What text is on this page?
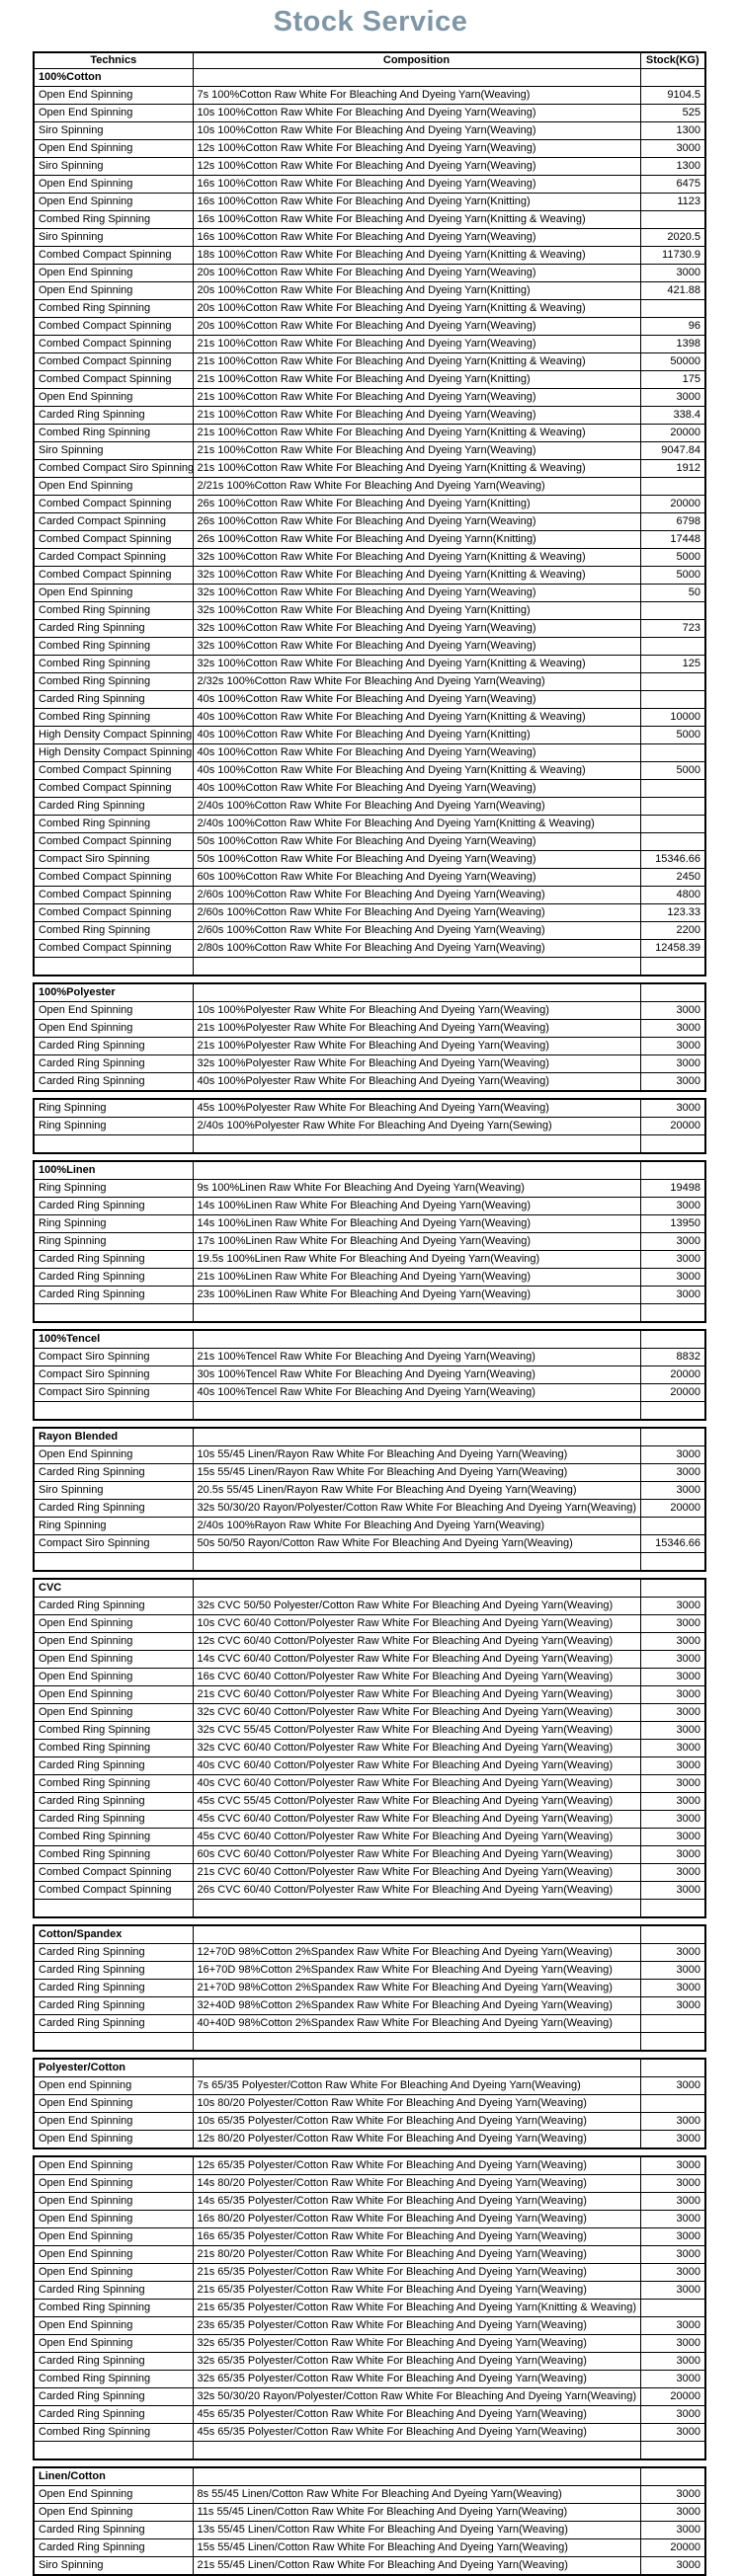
Stock Service
Technics	Composition	Stock(KG)
100%Cotton		
Open End Spinning	7s 100%Cotton Raw White For Bleaching And Dyeing Yarn(Weaving)	9104.5
Open End Spinning	10s 100%Cotton Raw White For Bleaching And Dyeing Yarn(Weaving)	525
Siro Spinning	10s 100%Cotton Raw White For Bleaching And Dyeing Yarn(Weaving)	1300
Open End Spinning	12s 100%Cotton Raw White For Bleaching And Dyeing Yarn(Weaving)	3000
Siro Spinning	12s 100%Cotton Raw White For Bleaching And Dyeing Yarn(Weaving)	1300
Open End Spinning	16s 100%Cotton Raw White For Bleaching And Dyeing Yarn(Weaving)	6475
Open End Spinning	16s 100%Cotton Raw White For Bleaching And Dyeing Yarn(Knitting)	1123
Combed Ring Spinning	16s 100%Cotton Raw White For Bleaching And Dyeing Yarn(Knitting & Weaving)	
Siro Spinning	16s 100%Cotton Raw White For Bleaching And Dyeing Yarn(Weaving)	2020.5
Combed Compact Spinning	18s 100%Cotton Raw White For Bleaching And Dyeing Yarn(Knitting & Weaving)	11730.9
Open End Spinning	20s 100%Cotton Raw White For Bleaching And Dyeing Yarn(Weaving)	3000
Open End Spinning	20s 100%Cotton Raw White For Bleaching And Dyeing Yarn(Knitting)	421.88
Combed Ring Spinning	20s 100%Cotton Raw White For Bleaching And Dyeing Yarn(Knitting & Weaving)	
Combed Compact Spinning	20s 100%Cotton Raw White For Bleaching And Dyeing Yarn(Weaving)	96
Combed Compact Spinning	21s 100%Cotton Raw White For Bleaching And Dyeing Yarn(Weaving)	1398
Combed Compact Spinning	21s 100%Cotton Raw White For Bleaching And Dyeing Yarn(Knitting & Weaving)	50000
Combed Compact Spinning	21s 100%Cotton Raw White For Bleaching And Dyeing Yarn(Knitting)	175
Open End Spinning	21s 100%Cotton Raw White For Bleaching And Dyeing Yarn(Weaving)	3000
Carded Ring Spinning	21s 100%Cotton Raw White For Bleaching And Dyeing Yarn(Weaving)	338.4
Combed Ring Spinning	21s 100%Cotton Raw White For Bleaching And Dyeing Yarn(Knitting & Weaving)	20000
Siro Spinning	21s 100%Cotton Raw White For Bleaching And Dyeing Yarn(Weaving)	9047.84
Combed Compact Siro Spinning	21s 100%Cotton Raw White For Bleaching And Dyeing Yarn(Knitting & Weaving)	1912
Open End Spinning	2/21s 100%Cotton Raw White For Bleaching And Dyeing Yarn(Weaving)	
Combed Compact Spinning	26s 100%Cotton Raw White For Bleaching And Dyeing Yarn(Knitting)	20000
Carded Compact Spinning	26s 100%Cotton Raw White For Bleaching And Dyeing Yarn(Weaving)	6798
Combed Compact Spinning	26s 100%Cotton Raw White For Bleaching And Dyeing Yarnn(Knitting)	17448
Carded Compact Spinning	32s 100%Cotton Raw White For Bleaching And Dyeing Yarn(Knitting & Weaving)	5000
Combed Compact Spinning	32s 100%Cotton Raw White For Bleaching And Dyeing Yarn(Knitting & Weaving)	5000
Open End Spinning	32s 100%Cotton Raw White For Bleaching And Dyeing Yarn(Weaving)	50
Combed Ring Spinning	32s 100%Cotton Raw White For Bleaching And Dyeing Yarn(Knitting)	
Carded Ring Spinning	32s 100%Cotton Raw White For Bleaching And Dyeing Yarn(Weaving)	723
Combed Ring Spinning	32s 100%Cotton Raw White For Bleaching And Dyeing Yarn(Weaving)	
Combed Ring Spinning	32s 100%Cotton Raw White For Bleaching And Dyeing Yarn(Knitting & Weaving)	125
Combed Ring Spinning	2/32s 100%Cotton Raw White For Bleaching And Dyeing Yarn(Weaving)	
Carded Ring Spinning	40s 100%Cotton Raw White For Bleaching And Dyeing Yarn(Weaving)	
Combed Ring Spinning	40s 100%Cotton Raw White For Bleaching And Dyeing Yarn(Knitting & Weaving)	10000
High Density Compact Spinning	40s 100%Cotton Raw White For Bleaching And Dyeing Yarn(Knitting)	5000
High Density Compact Spinning	40s 100%Cotton Raw White For Bleaching And Dyeing Yarn(Weaving)	
Combed Compact Spinning	40s 100%Cotton Raw White For Bleaching And Dyeing Yarn(Knitting & Weaving)	5000
Combed Compact Spinning	40s 100%Cotton Raw White For Bleaching And Dyeing Yarn(Weaving)	
Carded Ring Spinning	2/40s 100%Cotton Raw White For Bleaching And Dyeing Yarn(Weaving)	
Combed Ring Spinning	2/40s 100%Cotton Raw White For Bleaching And Dyeing Yarn(Knitting & Weaving)	
Combed Compact Spinning	50s 100%Cotton Raw White For Bleaching And Dyeing Yarn(Weaving)	
Compact Siro Spinning	50s 100%Cotton Raw White For Bleaching And Dyeing Yarn(Weaving)	15346.66
Combed Compact Spinning	60s 100%Cotton Raw White For Bleaching And Dyeing Yarn(Weaving)	2450
Combed Compact Spinning	2/60s 100%Cotton Raw White For Bleaching And Dyeing Yarn(Weaving)	4800
Combed Compact Spinning	2/60s 100%Cotton Raw White For Bleaching And Dyeing Yarn(Weaving)	123.33
Combed Ring Spinning	2/60s 100%Cotton Raw White For Bleaching And Dyeing Yarn(Weaving)	2200
Combed Compact Spinning	2/80s 100%Cotton Raw White For Bleaching And Dyeing Yarn(Weaving)	12458.39

100%Polyester		
Open End Spinning	10s 100%Polyester Raw White For Bleaching And Dyeing Yarn(Weaving)	3000
Open End Spinning	21s 100%Polyester Raw White For Bleaching And Dyeing Yarn(Weaving)	3000
Carded Ring Spinning	21s 100%Polyester Raw White For Bleaching And Dyeing Yarn(Weaving)	3000
Carded Ring Spinning	32s 100%Polyester Raw White For Bleaching And Dyeing Yarn(Weaving)	3000
Carded Ring Spinning	40s 100%Polyester Raw White For Bleaching And Dyeing Yarn(Weaving)	3000
Ring Spinning	45s 100%Polyester Raw White For Bleaching And Dyeing Yarn(Weaving)	3000
Ring Spinning	2/40s 100%Polyester Raw White For Bleaching And Dyeing Yarn(Sewing)	20000

100%Linen		
Ring Spinning	9s 100%Linen Raw White For Bleaching And Dyeing Yarn(Weaving)	19498
Carded Ring Spinning	14s 100%Linen Raw White For Bleaching And Dyeing Yarn(Weaving)	3000
Ring Spinning	14s 100%Linen Raw White For Bleaching And Dyeing Yarn(Weaving)	13950
Ring Spinning	17s 100%Linen Raw White For Bleaching And Dyeing Yarn(Weaving)	3000
Carded Ring Spinning	19.5s 100%Linen Raw White For Bleaching And Dyeing Yarn(Weaving)	3000
Carded Ring Spinning	21s 100%Linen Raw White For Bleaching And Dyeing Yarn(Weaving)	3000
Carded Ring Spinning	23s 100%Linen Raw White For Bleaching And Dyeing Yarn(Weaving)	3000

100%Tencel		
Compact Siro Spinning	21s 100%Tencel Raw White For Bleaching And Dyeing Yarn(Weaving)	8832
Compact Siro Spinning	30s 100%Tencel Raw White For Bleaching And Dyeing Yarn(Weaving)	20000
Compact Siro Spinning	40s 100%Tencel Raw White For Bleaching And Dyeing Yarn(Weaving)	20000

Rayon Blended		
Open End Spinning	10s 55/45 Linen/Rayon Raw White For Bleaching And Dyeing Yarn(Weaving)	3000
Carded Ring Spinning	15s 55/45 Linen/Rayon Raw White For Bleaching And Dyeing Yarn(Weaving)	3000
Siro Spinning	20.5s 55/45 Linen/Rayon Raw White For Bleaching And Dyeing Yarn(Weaving)	3000
Carded Ring Spinning	32s 50/30/20 Rayon/Polyester/Cotton Raw White For Bleaching And Dyeing Yarn(Weaving)	20000
Ring Spinning	2/40s 100%Rayon Raw White For Bleaching And Dyeing Yarn(Weaving)	
Compact Siro Spinning	50s 50/50 Rayon/Cotton Raw White For Bleaching And Dyeing Yarn(Weaving)	15346.66

CVC		
Carded Ring Spinning	32s CVC 50/50 Polyester/Cotton Raw White For Bleaching And Dyeing Yarn(Weaving)	3000
Open End Spinning	10s CVC 60/40 Cotton/Polyester Raw White For Bleaching And Dyeing Yarn(Weaving)	3000
Open End Spinning	12s CVC 60/40 Cotton/Polyester Raw White For Bleaching And Dyeing Yarn(Weaving)	3000
Open End Spinning	14s CVC 60/40 Cotton/Polyester Raw White For Bleaching And Dyeing Yarn(Weaving)	3000
Open End Spinning	16s CVC 60/40 Cotton/Polyester Raw White For Bleaching And Dyeing Yarn(Weaving)	3000
Open End Spinning	21s CVC 60/40 Cotton/Polyester Raw White For Bleaching And Dyeing Yarn(Weaving)	3000
Open End Spinning	32s CVC 60/40 Cotton/Polyester Raw White For Bleaching And Dyeing Yarn(Weaving)	3000
Combed Ring Spinning	32s CVC 55/45 Cotton/Polyester Raw White For Bleaching And Dyeing Yarn(Weaving)	3000
Combed Ring Spinning	32s CVC 60/40 Cotton/Polyester Raw White For Bleaching And Dyeing Yarn(Weaving)	3000
Carded Ring Spinning	40s CVC 60/40 Cotton/Polyester Raw White For Bleaching And Dyeing Yarn(Weaving)	3000
Combed Ring Spinning	40s CVC 60/40 Cotton/Polyester Raw White For Bleaching And Dyeing Yarn(Weaving)	3000
Carded Ring Spinning	45s CVC 55/45 Cotton/Polyester Raw White For Bleaching And Dyeing Yarn(Weaving)	3000
Carded Ring Spinning	45s CVC 60/40 Cotton/Polyester Raw White For Bleaching And Dyeing Yarn(Weaving)	3000
Combed Ring Spinning	45s CVC 60/40 Cotton/Polyester Raw White For Bleaching And Dyeing Yarn(Weaving)	3000
Combed Ring Spinning	60s CVC 60/40 Cotton/Polyester Raw White For Bleaching And Dyeing Yarn(Weaving)	3000
Combed Compact Spinning	21s CVC 60/40 Cotton/Polyester Raw White For Bleaching And Dyeing Yarn(Weaving)	3000
Combed Compact Spinning	26s CVC 60/40 Cotton/Polyester Raw White For Bleaching And Dyeing Yarn(Weaving)	3000

Cotton/Spandex		
Carded Ring Spinning	12+70D 98%Cotton 2%Spandex Raw White For Bleaching And Dyeing Yarn(Weaving)	3000
Carded Ring Spinning	16+70D 98%Cotton 2%Spandex Raw White For Bleaching And Dyeing Yarn(Weaving)	3000
Carded Ring Spinning	21+70D 98%Cotton 2%Spandex Raw White For Bleaching And Dyeing Yarn(Weaving)	3000
Carded Ring Spinning	32+40D 98%Cotton 2%Spandex Raw White For Bleaching And Dyeing Yarn(Weaving)	3000
Carded Ring Spinning	40+40D 98%Cotton 2%Spandex Raw White For Bleaching And Dyeing Yarn(Weaving)	

Polyester/Cotton		
Open end Spinning	7s 65/35 Polyester/Cotton Raw White For Bleaching And Dyeing Yarn(Weaving)	3000
Open End Spinning	10s 80/20 Polyester/Cotton Raw White For Bleaching And Dyeing Yarn(Weaving)	
Open End Spinning	10s 65/35 Polyester/Cotton Raw White For Bleaching And Dyeing Yarn(Weaving)	3000
Open End Spinning	12s 80/20 Polyester/Cotton Raw White For Bleaching And Dyeing Yarn(Weaving)	3000
Open End Spinning	12s 65/35 Polyester/Cotton Raw White For Bleaching And Dyeing Yarn(Weaving)	3000
Open End Spinning	14s 80/20 Polyester/Cotton Raw White For Bleaching And Dyeing Yarn(Weaving)	3000
Open End Spinning	14s 65/35 Polyester/Cotton Raw White For Bleaching And Dyeing Yarn(Weaving)	3000
Open End Spinning	16s 80/20 Polyester/Cotton Raw White For Bleaching And Dyeing Yarn(Weaving)	3000
Open End Spinning	16s 65/35 Polyester/Cotton Raw White For Bleaching And Dyeing Yarn(Weaving)	3000
Open End Spinning	21s 80/20 Polyester/Cotton Raw White For Bleaching And Dyeing Yarn(Weaving)	3000
Open End Spinning	21s 65/35 Polyester/Cotton Raw White For Bleaching And Dyeing Yarn(Weaving)	3000
Carded Ring Spinning	21s 65/35 Polyester/Cotton Raw White For Bleaching And Dyeing Yarn(Weaving)	3000
Combed Ring Spinning	21s 65/35 Polyester/Cotton Raw White For Bleaching And Dyeing Yarn(Knitting & Weaving)	
Open End Spinning	23s 65/35 Polyester/Cotton Raw White For Bleaching And Dyeing Yarn(Weaving)	3000
Open End Spinning	32s 65/35 Polyester/Cotton Raw White For Bleaching And Dyeing Yarn(Weaving)	3000
Carded Ring Spinning	32s 65/35 Polyester/Cotton Raw White For Bleaching And Dyeing Yarn(Weaving)	3000
Combed Ring Spinning	32s 65/35 Polyester/Cotton Raw White For Bleaching And Dyeing Yarn(Weaving)	3000
Carded Ring Spinning	32s 50/30/20 Rayon/Polyester/Cotton Raw White For Bleaching And Dyeing Yarn(Weaving)	20000
Carded Ring Spinning	45s 65/35 Polyester/Cotton Raw White For Bleaching And Dyeing Yarn(Weaving)	3000
Combed Ring Spinning	45s 65/35 Polyester/Cotton Raw White For Bleaching And Dyeing Yarn(Weaving)	3000

Linen/Cotton		
Open End Spinning	8s 55/45 Linen/Cotton Raw White For Bleaching And Dyeing Yarn(Weaving)	3000
Open End Spinning	11s 55/45 Linen/Cotton Raw White For Bleaching And Dyeing Yarn(Weaving)	3000
Carded Ring Spinning	13s 55/45 Linen/Cotton Raw White For Bleaching And Dyeing Yarn(Weaving)	3000
Carded Ring Spinning	15s 55/45 Linen/Cotton Raw White For Bleaching And Dyeing Yarn(Weaving)	20000
Siro Spinning	21s 55/45 Linen/Cotton Raw White For Bleaching And Dyeing Yarn(Weaving)	3000
